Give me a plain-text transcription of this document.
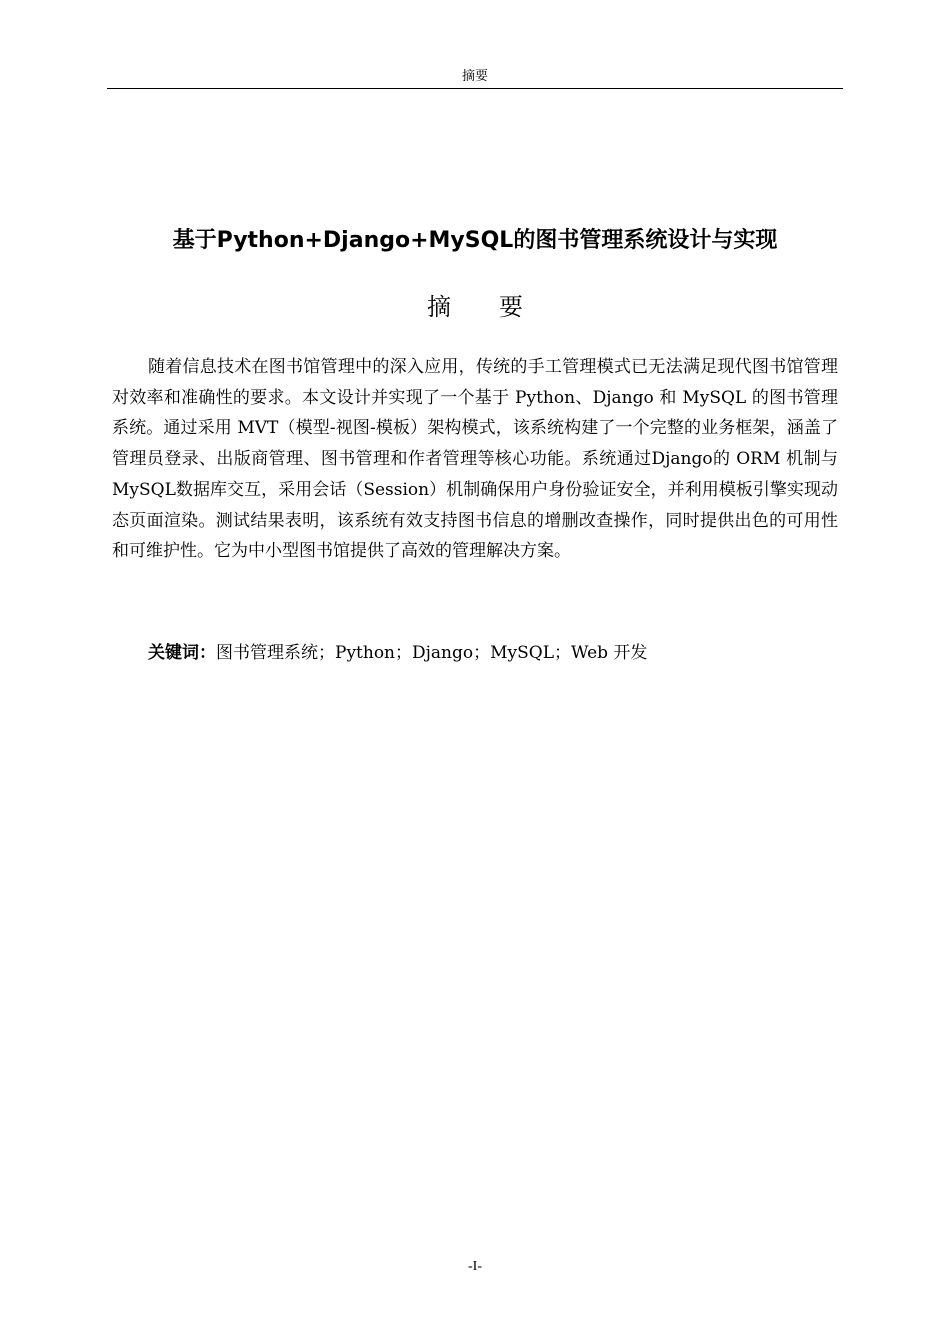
摘要
基于Python+Django+MySQL的图书管理系统设计与实现
摘要

随着信息技术在图书馆管理中的深入应用，传统的手工管理模式已无法满足现代图书馆管理对效率和准确性的要求。本文设计并实现了一个基于 Python、Django 和 MySQL 的图书管理系统。通过采用 MVT（模型-视图-模板）架构模式，该系统构建了一个完整的业务框架，涵盖了管理员登录、出版商管理、图书管理和作者管理等核心功能。系统通过Django的 ORM 机制与MySQL数据库交互，采用会话（Session）机制确保用户身份验证安全，并利用模板引擎实现动态页面渲染。测试结果表明，该系统有效支持图书信息的增删改查操作，同时提供出色的可用性和可维护性。它为中小型图书馆提供了高效的管理解决方案。

关键词：图书管理系统；Python；Django；MySQL；Web 开发
-I-
